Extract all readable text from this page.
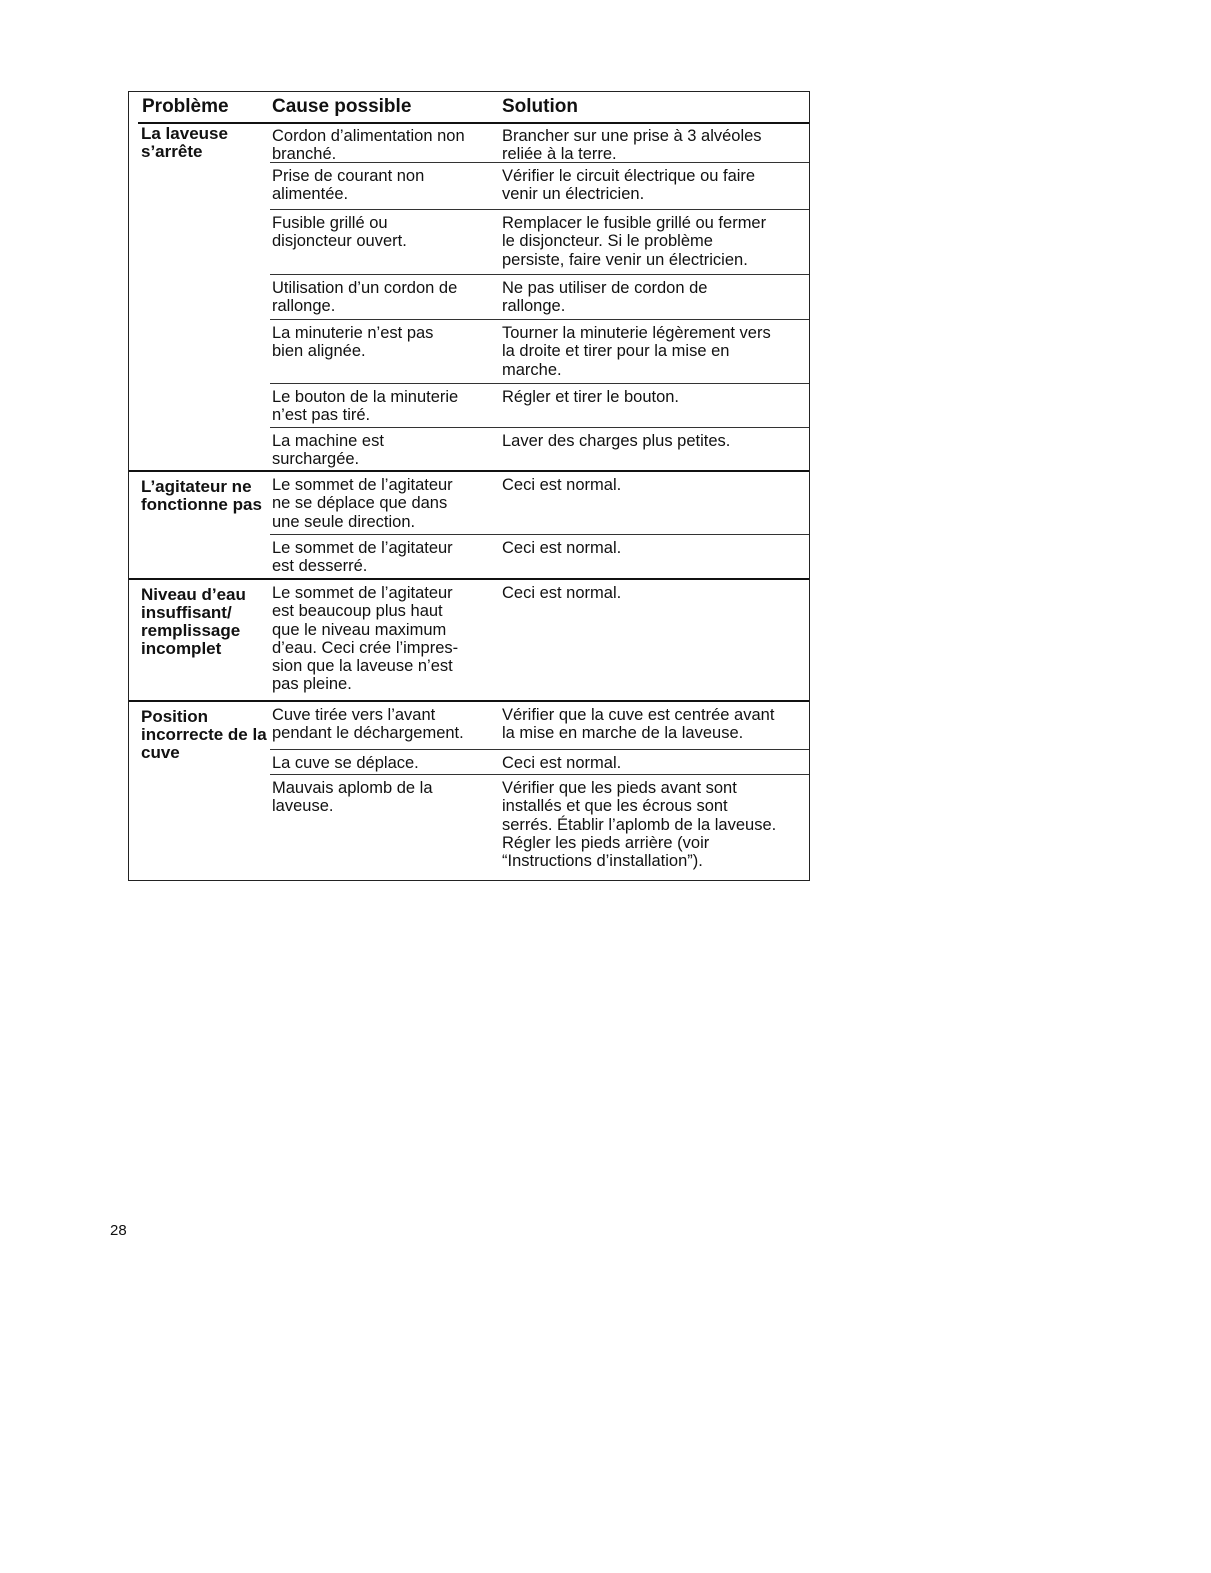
Problème Cause possible	Solution
La laveuse s’arrête
Cordon d’alimentation non
branché.
Brancher sur une prise à 3 alvéoles
reliée à la terre.
Prise de courant non
alimentée.
Vérifier le circuit électrique ou faire
venir un électricien.
Fusible grillé ou
disjoncteur ouvert.
Remplacer le fusible grillé ou fermer
le disjoncteur. Si le problème
persiste, faire venir un électricien.
Utilisation d’un cordon de
rallonge.
Ne pas utiliser de cordon de
rallonge.
La minuterie n’est pas
bien alignée.
Tourner la minuterie légèrement vers
la droite et tirer pour la mise en
marche.
Le bouton de la minuterie
n’est pas tiré.
Régler et tirer le bouton.
La machine est
surchargée.
Laver des charges plus petites.
L’agitateur ne fonctionne pas
Le sommet de l’agitateur
ne se déplace que dans
une seule direction.
Ceci est normal.
Le sommet de l’agitateur
est desserré.
Ceci est normal.
Niveau d’eau insuffisant/ remplissage incomplet
Le sommet de l’agitateur
est beaucoup plus haut
que le niveau maximum
d’eau. Ceci crée l’impres-
sion que la laveuse n’est
pas pleine.
Ceci est normal.
Position incorrecte de la cuve
Cuve tirée vers l’avant
pendant le déchargement.
Vérifier que la cuve est centrée avant
la mise en marche de la laveuse.
La cuve se déplace.	Ceci est normal.
Mauvais aplomb de la
laveuse.
Vérifier que les pieds avant sont
installés et que les écrous sont
serrés. Établir l’aplomb de la laveuse.
Régler les pieds arrière (voir
“Instructions d’installation”).
28
